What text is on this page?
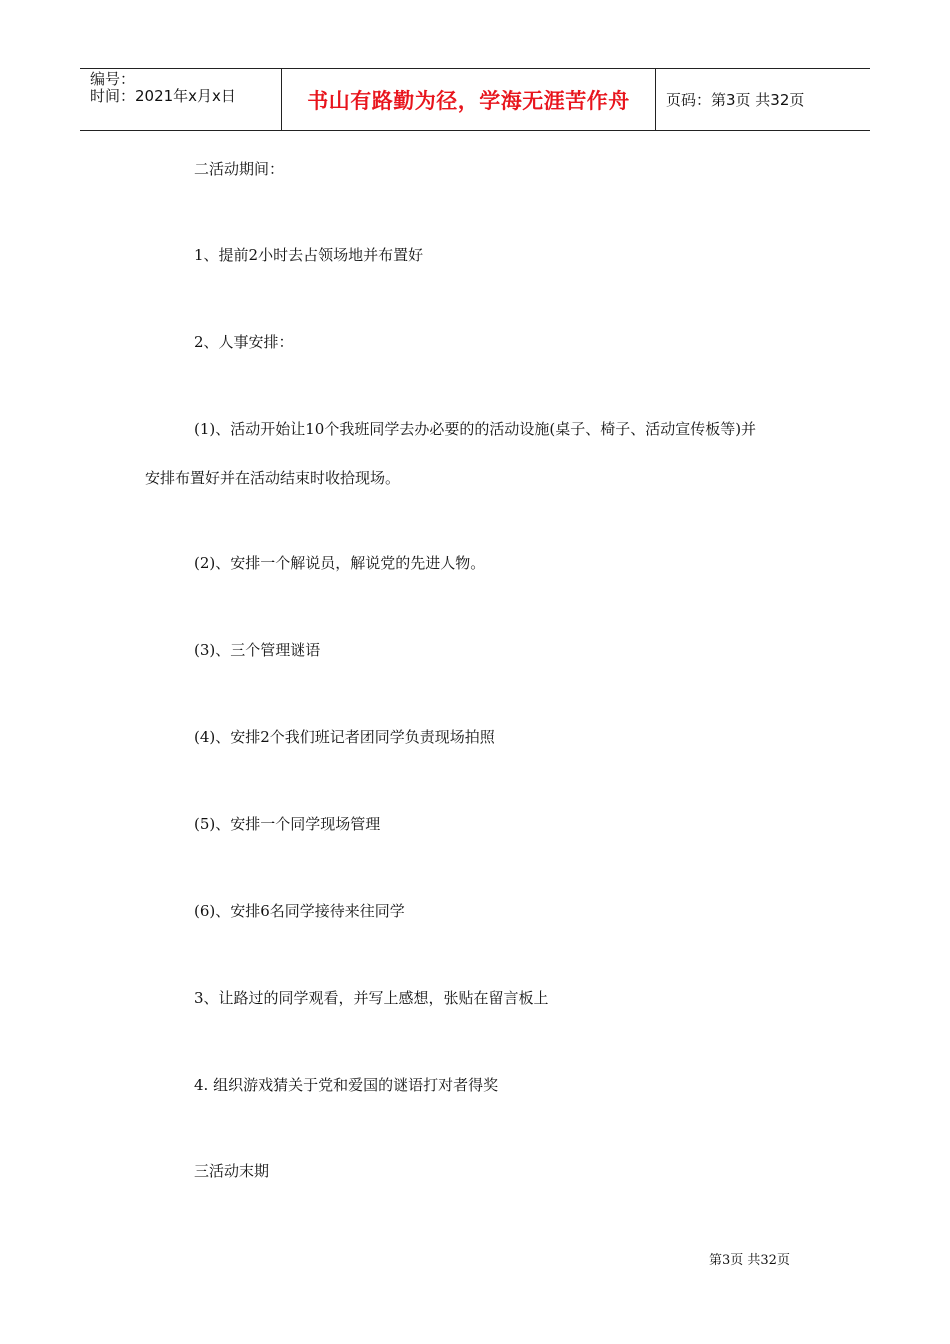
编号：
时间：2021年x月x日	书山有路勤为径，学海无涯苦作舟 页码：第3页 共32页
二活动期间：
1、提前2小时去占领场地并布置好
2、人事安排：
(1)、活动开始让10个我班同学去办必要的的活动设施(桌子、椅子、活动宣传板等)并
安排布置好并在活动结束时收拾现场。
(2)、安排一个解说员，解说党的先进人物。
(3)、三个管理谜语
(4)、安排2个我们班记者团同学负责现场拍照
(5)、安排一个同学现场管理
(6)、安排6名同学接待来往同学
3、让路过的同学观看，并写上感想，张贴在留言板上
4. 组织游戏猜关于党和爱国的谜语打对者得奖
三活动末期
第3页 共32页
